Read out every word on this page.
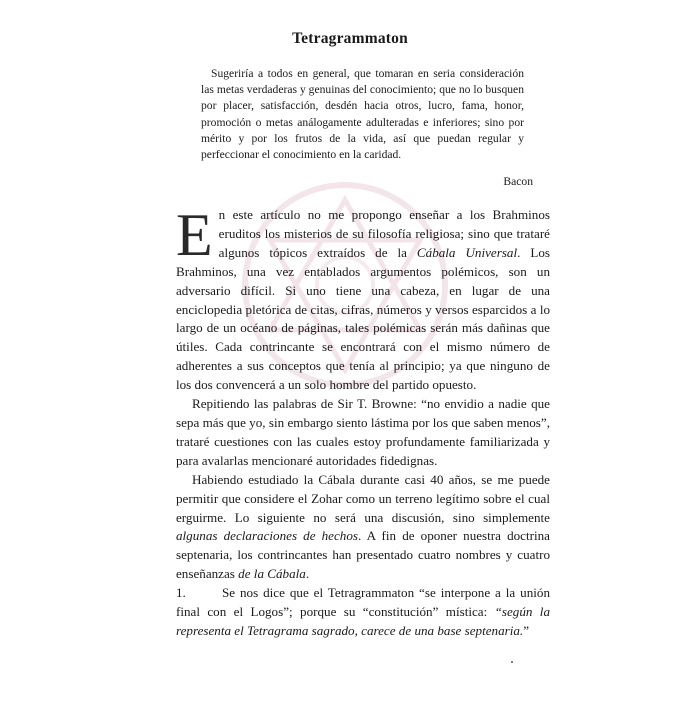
Tetragrammaton

Sugeriría a todos en general, que tomaran en seria consideración las metas verdaderas y genuinas del conocimiento; que no lo busquen por placer, satisfacción, desdén hacia otros, lucro, fama, honor, promoción o metas análogamente adulteradas e inferiores; sino por mérito y por los frutos de la vida, así que puedan regular y perfeccionar el conocimiento en la caridad.

Bacon

En este artículo no me propongo enseñar a los Brahminos eruditos los misterios de su filosofía religiosa; sino que trataré algunos tópicos extraídos de la Cábala Universal. Los Brahminos, una vez entablados argumentos polémicos, son un adversario difícil. Si uno tiene una cabeza, en lugar de una enciclopedia pletórica de citas, cifras, números y versos esparcidos a lo largo de un océano de páginas, tales polémicas serán más dañinas que útiles. Cada contrincante se encontrará con el mismo número de adherentes a sus conceptos que tenía al principio; ya que ninguno de los dos convencerá a un solo hombre del partido opuesto.

Repitiendo las palabras de Sir T. Browne: “no envidio a nadie que sepa más que yo, sin embargo siento lástima por los que saben menos”, trataré cuestiones con las cuales estoy profundamente familiarizada y para avalarlas mencionaré autoridades fidedignas.

Habiendo estudiado la Cábala durante casi 40 años, se me puede permitir que considere el Zohar como un terreno legítimo sobre el cual erguirme. Lo siguiente no será una discusión, sino simplemente algunas declaraciones de hechos. A fin de oponer nuestra doctrina septenaria, los contrincantes han presentado cuatro nombres y cuatro enseñanzas de la Cábala.

1.	Se nos dice que el Tetragrammaton “se interpone a la unión final con el Logos”; porque su “constitución” mística: “según la representa el Tetragrama sagrado, carece de una base septenaria.”
